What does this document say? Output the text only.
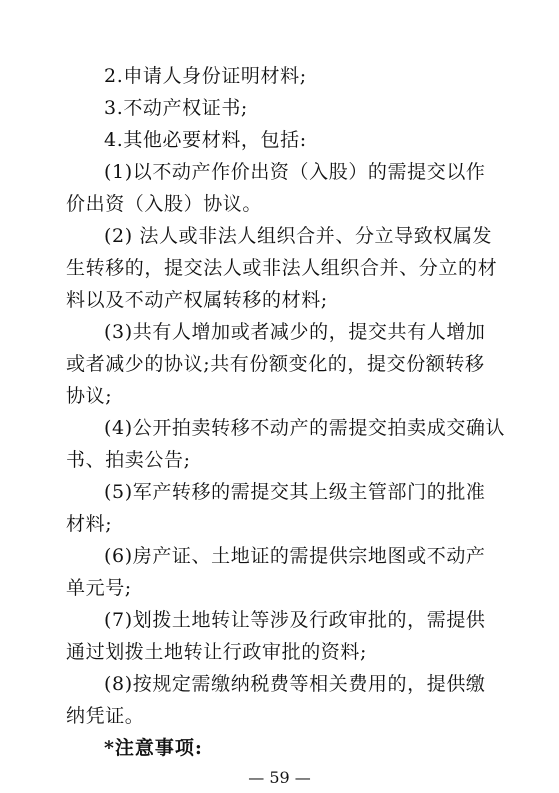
2.申请人身份证明材料;
3.不动产权证书;
4.其他必要材料，包括:
(1)以不动产作价出资（入股）的需提交以作
价出资（入股）协议。
(2) 法人或非法人组织合并、分立导致权属发
生转移的，提交法人或非法人组织合并、分立的材
料以及不动产权属转移的材料;
(3)共有人增加或者减少的，提交共有人增加
或者减少的协议;共有份额变化的，提交份额转移
协议;
(4)公开拍卖转移不动产的需提交拍卖成交确认
书、拍卖公告;
(5)军产转移的需提交其上级主管部门的批准
材料;
(6)房产证、土地证的需提供宗地图或不动产
单元号;
(7)划拨土地转让等涉及行政审批的，需提供
通过划拨土地转让行政审批的资料;
(8)按规定需缴纳税费等相关费用的，提供缴
纳凭证。
*注意事项:
— 59 —
